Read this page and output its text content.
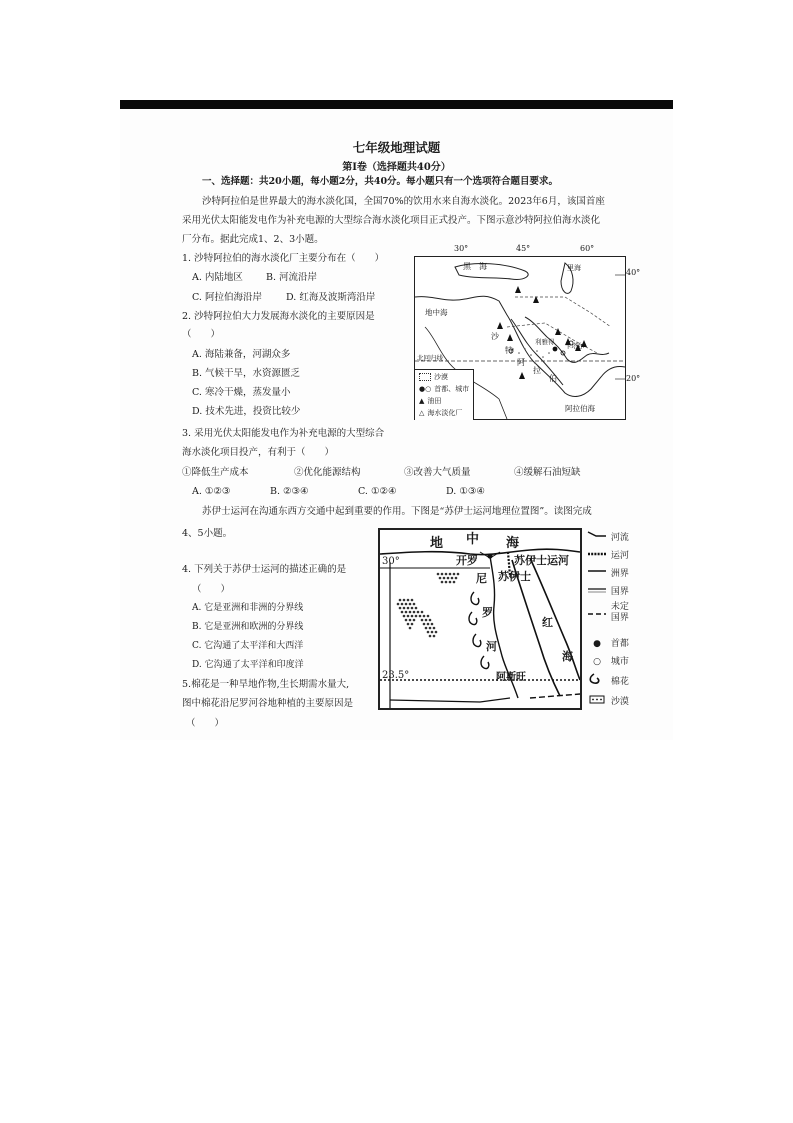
七年级地理试题
第Ⅰ卷（选择题共40分）
一、选择题：共20小题，每小题2分，共40分。每小题只有一个选项符合题目要求。
沙特阿拉伯是世界最大的海水淡化国，全国70%的饮用水来自海水淡化。2023年6月，该国首座
采用光伏太阳能发电作为补充电源的大型综合海水淡化项目正式投产。下图示意沙特阿拉伯海水淡化
厂分布。据此完成1、2、3小题。
1. 沙特阿拉伯的海水淡化厂主要分布在（　　）
A. 内陆地区 B. 河流沿岸
C. 阿拉伯海沿岸	D. 红海及波斯湾沿岸
2. 沙特阿拉伯大力发展海水淡化的主要原因是
（　　）
A. 海陆兼备，河湖众多
B. 气候干旱，水资源匮乏
C. 寒冷干燥，蒸发量小
D. 技术先进，投资比较少
3. 采用光伏太阳能发电作为补充电源的大型综合
海水淡化项目投产，有利于（　　）
①降低生产成本	②优化能源结构	③改善大气质量	④缓解石油短缺
A. ①②③	B. ②③④	C. ①②④	D. ①③④
苏伊士运河在沟通东西方交通中起到重要的作用。下图是“苏伊士运河地理位置图”。读图完成
4、5小题。
4. 下列关于苏伊士运河的描述正确的是
（　　）
A. 它是亚洲和非洲的分界线
B. 它是亚洲和欧洲的分界线
C. 它沟通了太平洋和大西洋
D. 它沟通了太平洋和印度洋
5.棉花是一种旱地作物,生长期需水量大,
图中棉花沿尼罗河谷地种植的主要原因是
（　　）
30°	45°	60°
黑　海	里海
地中海
沙
特
阿
拉
伯
利雅得 卡塔尔
阿拉伯海
北回归线
沙漠
●○ 首都、城市
▲ 油田
△ 海水淡化厂
40°
20°
地 中 海
开罗	苏伊士运河
苏伊士
尼
罗
河
红
海
阿斯旺
30°
23.5°
河流
运河
洲界
国界
未定
国界
● 首都
○ 城市
棉花
沙漠
